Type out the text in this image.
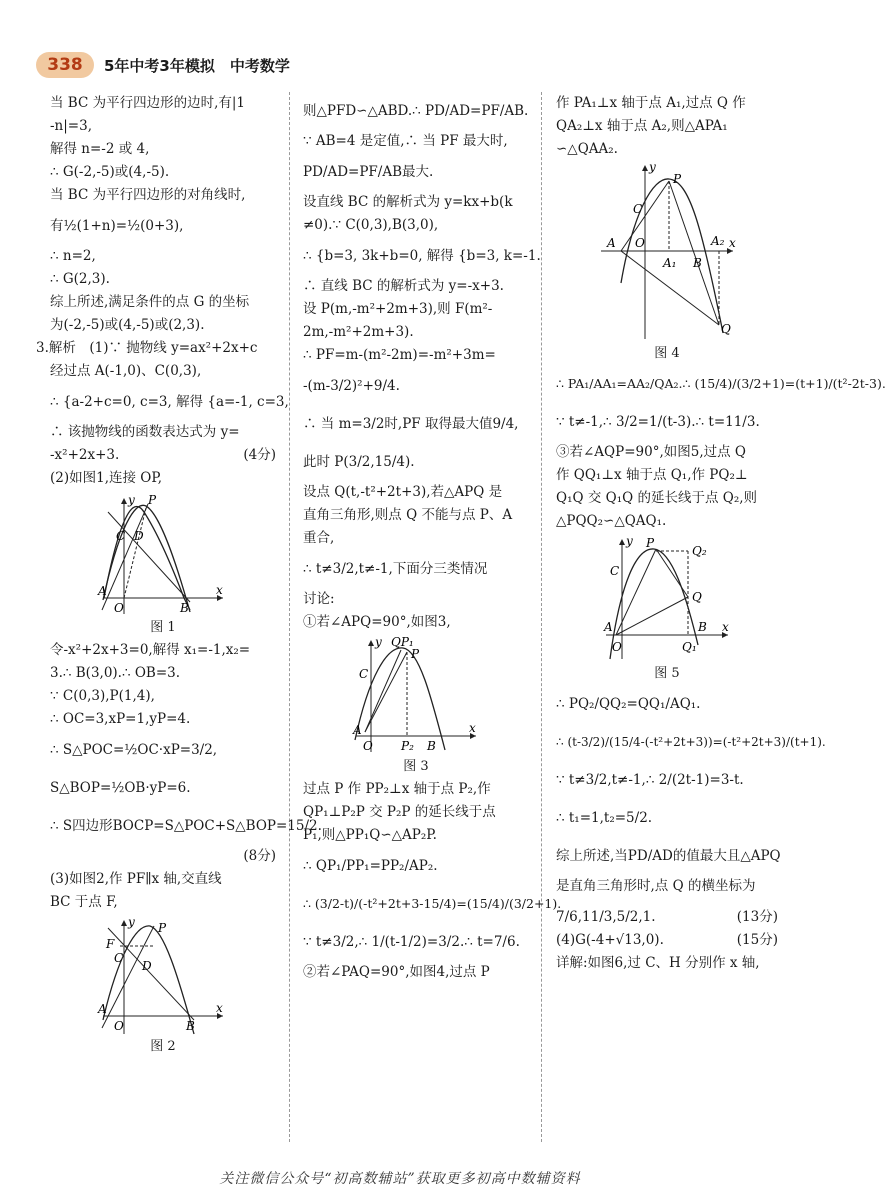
338	5年中考3年模拟　中考数学
当 BC 为平行四边形的边时,有|1
-n|=3,
解得 n=-2 或 4,
∴ G(-2,-5)或(4,-5).
当 BC 为平行四边形的对角线时,
有½(1+n)=½(0+3),
∴ n=2,
∴ G(2,3).
综上所述,满足条件的点 G 的坐标
为(-2,-5)或(4,-5)或(2,3).
3.解析　(1)∵ 抛物线 y=ax²+2x+c
经过点 A(-1,0)、C(0,3),
∴ {a-2+c=0, c=3, 解得 {a=-1, c=3,
∴ 该抛物线的函数表达式为 y=
-x²+2x+3.	(4分)
(2)如图1,连接 OP,
A
O	B
C D
P
x
y
图 1
令-x²+2x+3=0,解得 x₁=-1,x₂=
3.∴ B(3,0).∴ OB=3.
∵ C(0,3),P(1,4),
∴ OC=3,xP=1,yP=4.
∴ S△POC=½OC·xP=3/2,
S△BOP=½OB·yP=6.
∴ S四边形BOCP=S△POC+S△BOP=15/2.
(8分)
(3)如图2,作 PF∥x 轴,交直线
BC 于点 F,
A
O	B
F
C
D
P
x
y
图 2
则△PFD∽△ABD.∴ PD/AD=PF/AB.
∵ AB=4 是定值,∴ 当 PF 最大时,
PD/AD=PF/AB最大.
设直线 BC 的解析式为 y=kx+b(k
≠0).∵ C(0,3),B(3,0),
∴ {b=3, 3k+b=0, 解得 {b=3, k=-1.
∴ 直线 BC 的解析式为 y=-x+3.
设 P(m,-m²+2m+3),则 F(m²-
2m,-m²+2m+3).
∴ PF=m-(m²-2m)=-m²+3m=
-(m-3/2)²+9/4.
∴ 当 m=3/2时,PF 取得最大值9/4,
此时 P(3/2,15/4).
设点 Q(t,-t²+2t+3),若△APQ 是
直角三角形,则点 Q 不能与点 P、A
重合,
∴ t≠3/2,t≠-1,下面分三类情况
讨论:
①若∠APQ=90°,如图3,
A
O P₂ B
C
QP₁
P
x
y
图 3
过点 P 作 PP₂⊥x 轴于点 P₂,作
QP₁⊥P₂P 交 P₂P 的延长线于点
P₁,则△PP₁Q∽△AP₂P.
∴ QP₁/PP₁=PP₂/AP₂.
∴ (3/2-t)/(-t²+2t+3-15/4)=(15/4)/(3/2+1).
∵ t≠3/2,∴ 1/(t-1/2)=3/2.∴ t=7/6.
②若∠PAQ=90°,如图4,过点 P
作 PA₁⊥x 轴于点 A₁,过点 Q 作
QA₂⊥x 轴于点 A₂,则△APA₁
∽△QAA₂.
A O
A₁ B
A₂
C
P
Q
x
y
图 4
∴ PA₁/AA₁=AA₂/QA₂.∴ (15/4)/(3/2+1)=(t+1)/(t²-2t-3).
∵ t≠-1,∴ 3/2=1/(t-3).∴ t=11/3.
③若∠AQP=90°,如图5,过点 Q
作 QQ₁⊥x 轴于点 Q₁,作 PQ₂⊥
Q₁Q 交 Q₁Q 的延长线于点 Q₂,则
△PQQ₂∽△QAQ₁.
A
O	Q₁
B
C
P
Q₂
Q
x
y
图 5
∴ PQ₂/QQ₂=QQ₁/AQ₁.
∴ (t-3/2)/(15/4-(-t²+2t+3))=(-t²+2t+3)/(t+1).
∵ t≠3/2,t≠-1,∴ 2/(2t-1)=3-t.
∴ t₁=1,t₂=5/2.
综上所述,当PD/AD的值最大且△APQ
是直角三角形时,点 Q 的横坐标为
7/6,11/3,5/2,1.	(13分)
(4)G(-4+√13,0).	(15分)
详解:如图6,过 C、H 分别作 x 轴,
关注微信公众号“初高数辅站”获取更多初高中数辅资料
